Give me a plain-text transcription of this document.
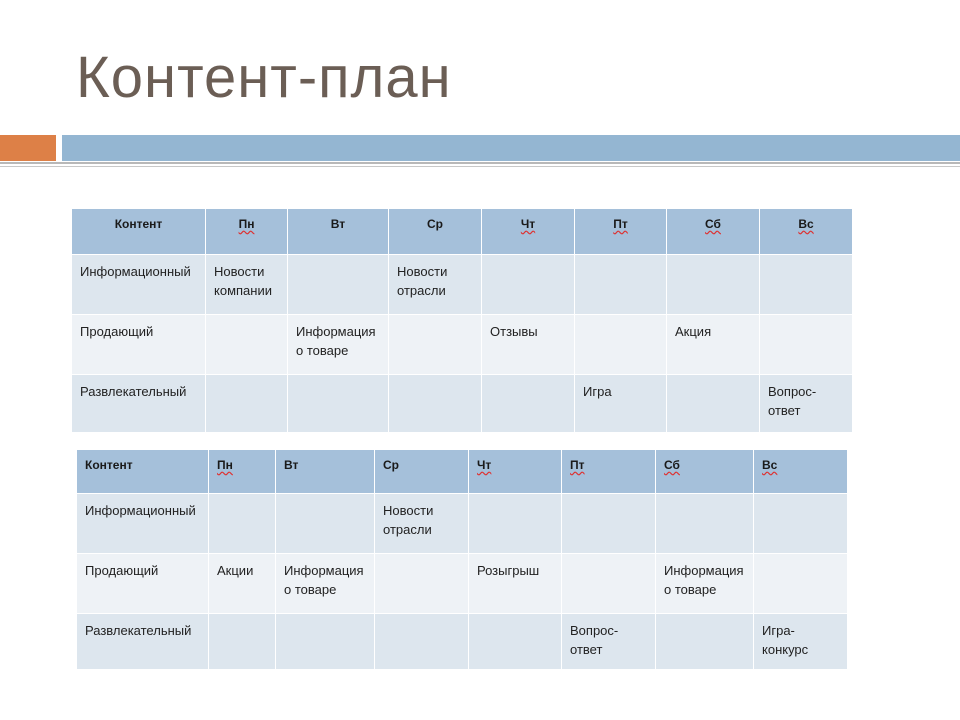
Контент-план
Контент	Пн	Вт	Ср	Чт	Пт	Сб	Вс
Информационный	Новости компании		Новости отрасли				
Продающий		Информация о товаре		Отзывы		Акция	
Развлекательный					Игра		Вопрос-ответ
Контент	Пн	Вт	Ср	Чт	Пт	Сб	Вс
Информационный			Новости отрасли				
Продающий	Акции	Информация о товаре		Розыгрыш		Информация о товаре	
Развлекательный					Вопрос-ответ		Игра-конкурс
